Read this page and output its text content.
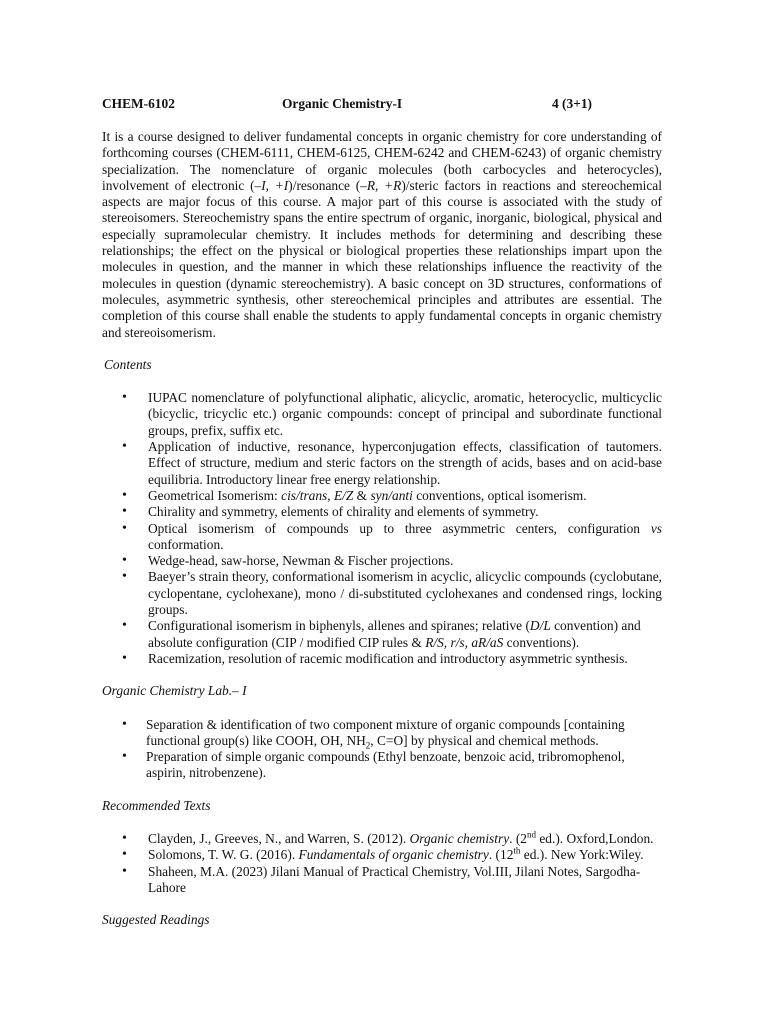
CHEM-6102	Organic Chemistry-I	4 (3+1)

It is a course designed to deliver fundamental concepts in organic chemistry for core understanding of forthcoming courses (CHEM-6111, CHEM-6125, CHEM-6242 and CHEM-6243) of organic chemistry specialization. The nomenclature of organic molecules (both carbocycles and heterocycles), involvement of electronic (–I, +I)/resonance (–R, +R)/steric factors in reactions and stereochemical aspects are major focus of this course. A major part of this course is associated with the study of stereoisomers. Stereochemistry spans the entire spectrum of organic, inorganic, biological, physical and especially supramolecular chemistry. It includes methods for determining and describing these relationships; the effect on the physical or biological properties these relationships impart upon the molecules in question, and the manner in which these relationships influence the reactivity of the molecules in question (dynamic stereochemistry). A basic concept on 3D structures, conformations of molecules, asymmetric synthesis, other stereochemical principles and attributes are essential. The completion of this course shall enable the students to apply fundamental concepts in organic chemistry and stereoisomerism.

Contents

• IUPAC nomenclature of polyfunctional aliphatic, alicyclic, aromatic, heterocyclic, multicyclic (bicyclic, tricyclic etc.) organic compounds: concept of principal and subordinate functional groups, prefix, suffix etc.
• Application of inductive, resonance, hyperconjugation effects, classification of tautomers. Effect of structure, medium and steric factors on the strength of acids, bases and on acid-base equilibria. Introductory linear free energy relationship.
• Geometrical Isomerism: cis/trans, E/Z & syn/anti conventions, optical isomerism.
• Chirality and symmetry, elements of chirality and elements of symmetry.
• Optical isomerism of compounds up to three asymmetric centers, configuration vs conformation.
• Wedge-head, saw-horse, Newman & Fischer projections.
• Baeyer’s strain theory, conformational isomerism in acyclic, alicyclic compounds (cyclobutane, cyclopentane, cyclohexane), mono / di-substituted cyclohexanes and condensed rings, locking groups.
• Configurational isomerism in biphenyls, allenes and spiranes; relative (D/L convention) and absolute configuration (CIP / modified CIP rules & R/S, r/s, aR/aS conventions).
• Racemization, resolution of racemic modification and introductory asymmetric synthesis.

Organic Chemistry Lab.– I

• Separation & identification of two component mixture of organic compounds [containing functional group(s) like COOH, OH, $NH_2$, C=O] by physical and chemical methods.
• Preparation of simple organic compounds (Ethyl benzoate, benzoic acid, tribromophenol, aspirin, nitrobenzene).

Recommended Texts

• Clayden, J., Greeves, N., and Warren, S. (2012). Organic chemistry. (2nd ed.). Oxford,London.
• Solomons, T. W. G. (2016). Fundamentals of organic chemistry. (12th ed.). New York:Wiley.
• Shaheen, M.A. (2023) Jilani Manual of Practical Chemistry, Vol.III, Jilani Notes, Sargodha-Lahore

Suggested Readings
